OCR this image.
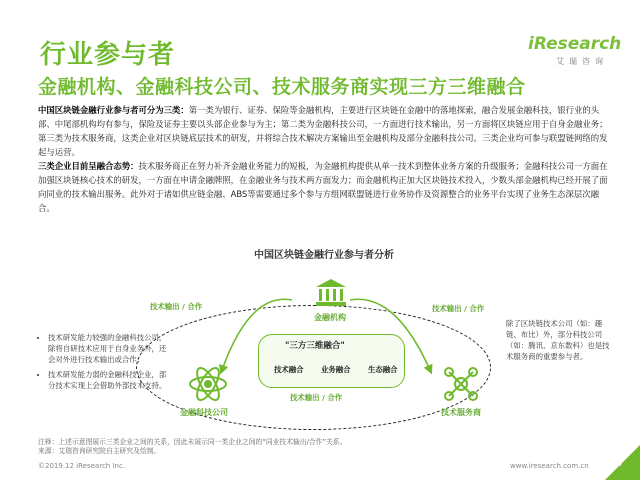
行业参与者
金融机构、金融科技公司、技术服务商实现三方三维融合
iResearch
艾瑞咨询

中国区块链金融行业参与者可分为三类：第一类为银行、证券、保险等金融机构，主要进行区块链在金融中的落地探索，融合发展金融科技，银行业的头部、中尾部机构均有参与，保险及证券主要以头部企业参与为主；第二类为金融科技公司，一方面进行技术输出，另一方面将区块链应用于自身金融业务；第三类为技术服务商，这类企业对区块链底层技术的研发，并将综合技术解决方案输出至金融机构及部分金融科技公司。三类企业均可参与联盟链网络的发起与运营。

三类企业目前呈融合态势：技术服务商正在努力补齐金融业务能力的短板，为金融机构提供从单一技术到整体业务方案的升级服务；金融科技公司一方面在加强区块链核心技术的研发，一方面在申请金融牌照，在金融业务与技术两方面发力；而金融机构正加大区块链技术投入，少数头部金融机构已经开展了面向同业的技术输出服务。此外对于诸如供应链金融、ABS等需要通过多个参与方组网联盟链进行业务协作及资源整合的业务平台实现了业务生态深层次融合。

中国区块链金融行业参与者分析
金融机构
"三方三维融合"
技术融合 业务融合 生态融合
金融科技公司	技术服务商
技术输出 / 合作	技术输出 / 合作
技术输出 / 合作
• 技术研发能力较强的金融科技公司，除将自研技术应用于自身业务外，还会对外进行技术输出或合作；
• 技术研发能力弱的金融科技企业，部分技术实现上会借助外部技术支持。
除了区块链技术公司（如：趣链、布比）外，部分科技公司（如：腾讯、京东数科）也是技术服务商的重要参与者。
注释：上述示意图展示三类企业之间的关系，因此未展示同一类企业之间的“同业技术输出/合作”关系。
来源：艾瑞咨询研究院自主研究及绘制。
©2019.12 iResearch Inc.	www.iresearch.com.cn	7
